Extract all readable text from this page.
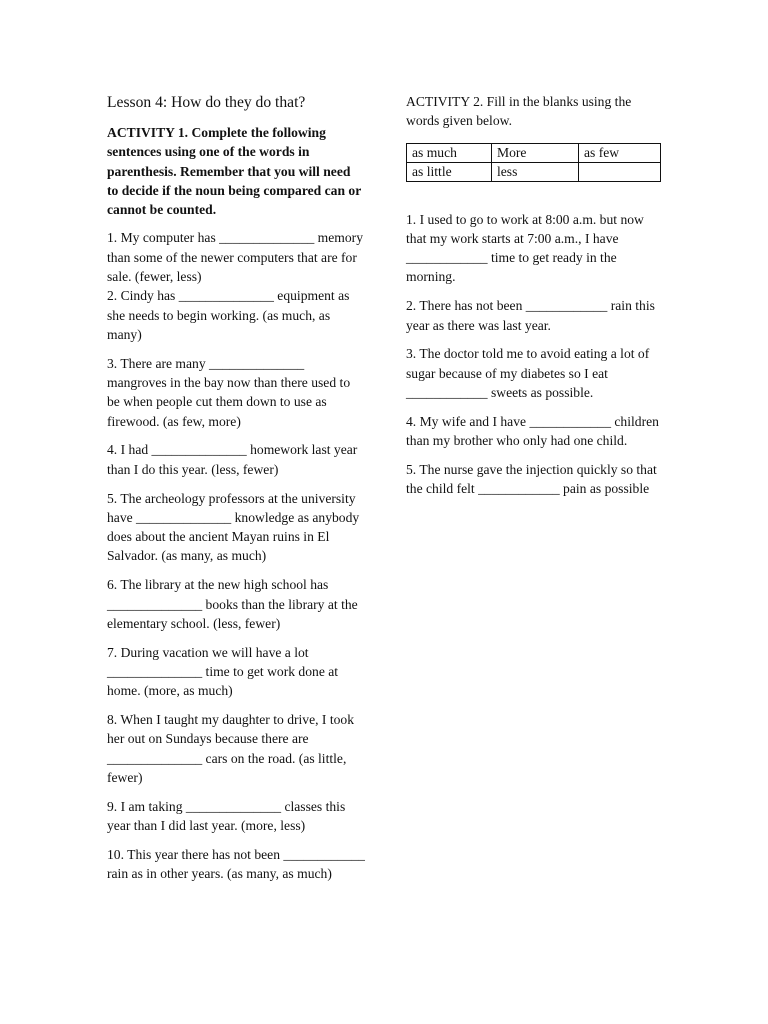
Lesson 4: How do they do that?
ACTIVITY 1. Complete the following sentences using one of the words in parenthesis. Remember that you will need to decide if the noun being compared can or cannot be counted.
1. My computer has ______________ memory than some of the newer computers that are for sale. (fewer, less)
2. Cindy has ______________ equipment as she needs to begin working. (as much, as many)
3. There are many ______________ mangroves in the bay now than there used to be when people cut them down to use as firewood. (as few, more)
4. I had ______________ homework last year than I do this year. (less, fewer)
5. The archeology professors at the university have ______________ knowledge as anybody does about the ancient Mayan ruins in El Salvador. (as many, as much)
6. The library at the new high school has ______________ books than the library at the elementary school. (less, fewer)
7. During vacation we will have a lot ______________ time to get work done at home. (more, as much)
8. When I taught my daughter to drive, I took her out on Sundays because there are ______________ cars on the road. (as little, fewer)
9. I am taking ______________ classes this year than I did last year. (more, less)
10. This year there has not been ____________ rain as in other years. (as many, as much)
ACTIVITY 2. Fill in the blanks using the words given below.
as much	More	as few
as little	less	
1. I used to go to work at 8:00 a.m. but now that my work starts at 7:00 a.m., I have ____________ time to get ready in the morning.
2. There has not been ____________ rain this year as there was last year.
3. The doctor told me to avoid eating a lot of sugar because of my diabetes so I eat ____________ sweets as possible.
4. My wife and I have ____________ children than my brother who only had one child.
5. The nurse gave the injection quickly so that the child felt ____________ pain as possible
